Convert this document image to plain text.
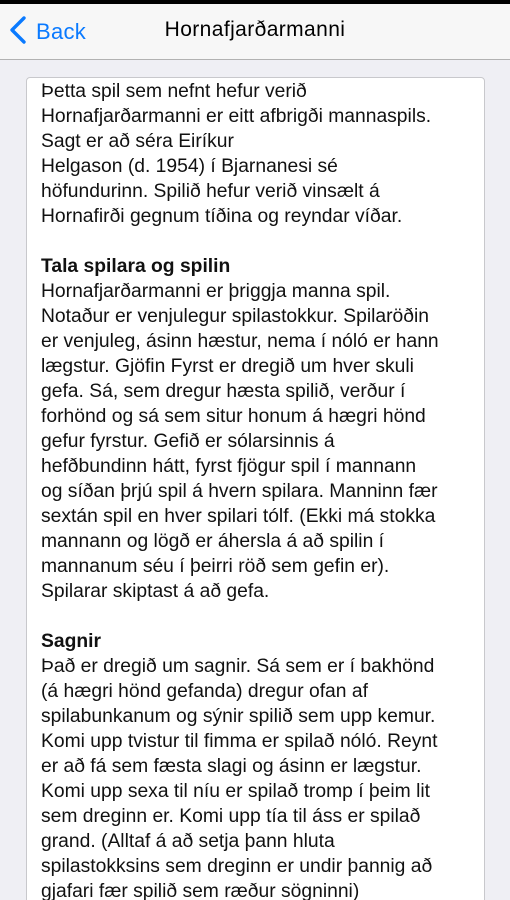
Back	Hornafjarðarmanni
Þetta spil sem nefnt hefur verið
Hornafjarðarmanni er eitt afbrigði mannaspils.
Sagt er að séra Eiríkur
Helgason (d. 1954) í Bjarnanesi sé
höfundurinn. Spilið hefur verið vinsælt á
Hornafirði gegnum tíðina og reyndar víðar.
Tala spilara og spilin
Hornafjarðarmanni er þriggja manna spil.
Notaður er venjulegur spilastokkur. Spilaröðin
er venjuleg, ásinn hæstur, nema í nóló er hann
lægstur. Gjöfin Fyrst er dregið um hver skuli
gefa. Sá, sem dregur hæsta spilið, verður í
forhönd og sá sem situr honum á hægri hönd
gefur fyrstur. Gefið er sólarsinnis á
hefðbundinn hátt, fyrst fjögur spil í mannann
og síðan þrjú spil á hvern spilara. Manninn fær
sextán spil en hver spilari tólf. (Ekki má stokka
mannann og lögð er áhersla á að spilin í
mannanum séu í þeirri röð sem gefin er).
Spilarar skiptast á að gefa.
Sagnir
Það er dregið um sagnir. Sá sem er í bakhönd
(á hægri hönd gefanda) dregur ofan af
spilabunkanum og sýnir spilið sem upp kemur.
Komi upp tvistur til fimma er spilað nóló. Reynt
er að fá sem fæsta slagi og ásinn er lægstur.
Komi upp sexa til níu er spilað tromp í þeim lit
sem dreginn er. Komi upp tía til áss er spilað
grand. (Alltaf á að setja þann hluta
spilastokksins sem dreginn er undir þannig að
gjafari fær spilið sem ræður sögninni)
